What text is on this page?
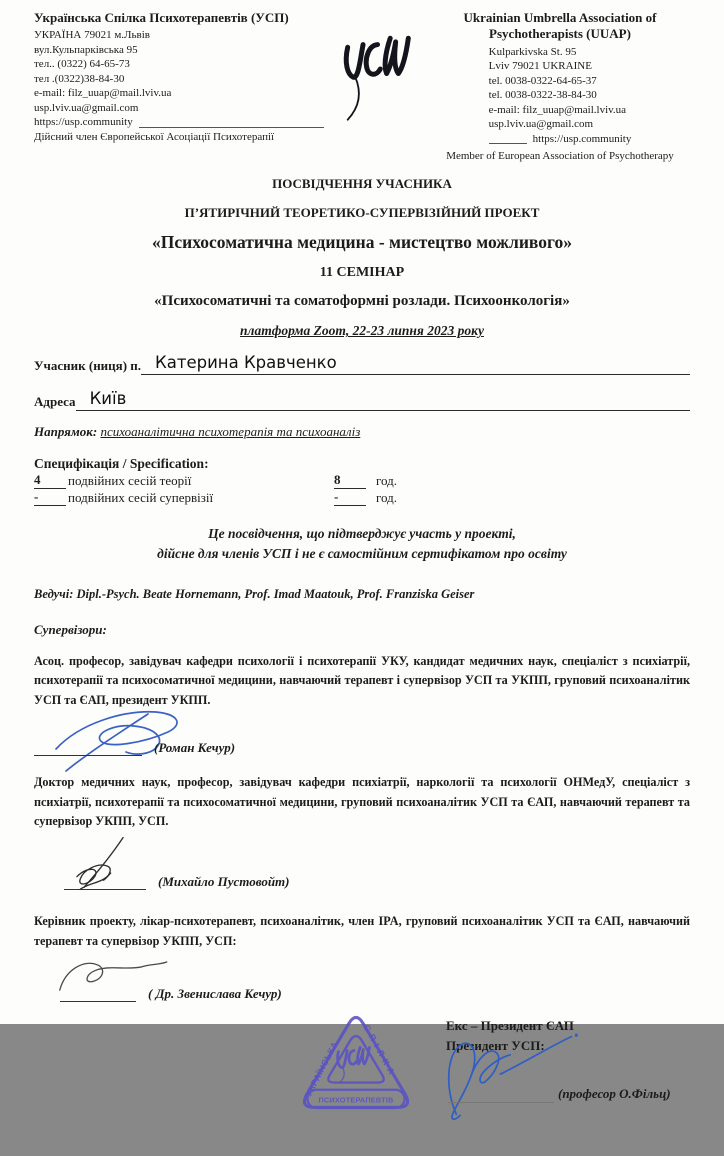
Українська Спілка Психотерапевтів (УСП)
УКРАЇНА 79021 м.Львів
вул.Кульпарківська 95
тел.. (0322) 64-65-73
тел .(0322)38-84-30
e-mail: filz_uuap@mail.lviv.ua
usp.lviv.ua@gmail.com
https://usp.community
Дійсний член Європейської Асоціації Психотерапії
Ukrainian Umbrella Association of Psychotherapists (UUAP)
Kulparkivska St. 95
Lviv 79021 UKRAINE
tel. 0038-0322-64-65-37
tel. 0038-0322-38-84-30
e-mail: filz_uuap@mail.lviv.ua
usp.lviv.ua@gmail.com
https://usp.community
Member of European Association of Psychotherapy
ПОСВІДЧЕННЯ УЧАСНИКА
П’ЯТИРІЧНИЙ ТЕОРЕТИКО-СУПЕРВІЗІЙНИЙ ПРОЕКТ
«Психосоматична медицина - мистецтво можливого»
11 СЕМІНАР
«Психосоматичні та соматоформні розлади. Психоонкологія»
платформа Zoom, 22-23 липня 2023 року
Учасник (ниця) п. Катерина Кравченко
Адреса Київ
Напрямок: психоаналітична психотерапія та психоаналіз
Специфікація / Specification:
4	подвійних сесій теорії	8	год.
-	подвійних сесій супервізії	-	год.
Це посвідчення, що підтверджує участь у проекті,
дійсне для членів УСП і не є самостійним сертифікатом про освіту
Ведучі: Dipl.-Psych. Beate Hornemann, Prof. Imad Maatouk, Prof. Franziska Geiser
Супервізори:

Асоц. професор, завідувач кафедри психології і психотерапії УКУ, кандидат медичних наук, спеціаліст з психіатрії, психотерапії та психосоматичної медицини, навчаючий терапевт і супервізор УСП та УКПП, груповий психоаналітик УСП та ЄАП, президент УКПП.

(Роман Кечур)

Доктор медичних наук, професор, завідувач кафедри психіатрії, наркології та психології ОНМедУ, спеціаліст з психіатрії, психотерапії та психосоматичної медицини, груповий психоаналітик УСП та ЄАП, навчаючий терапевт та супервізор УКПП, УСП.

(Михайло Пустовойт)

Керівник проекту, лікар-психотерапевт, психоаналітик, член IPA, груповий психоаналітик УСП та ЄАП, навчаючий терапевт та супервізор УКПП, УСП:

( Др. Звенислава Кечур)
УКРАЇНСЬКА
СПІЛКА
ПСИХОТЕРАПЕВТІВ
Екс – Президент ЄАП
Президент УСП:
(професор О.Фільц)
